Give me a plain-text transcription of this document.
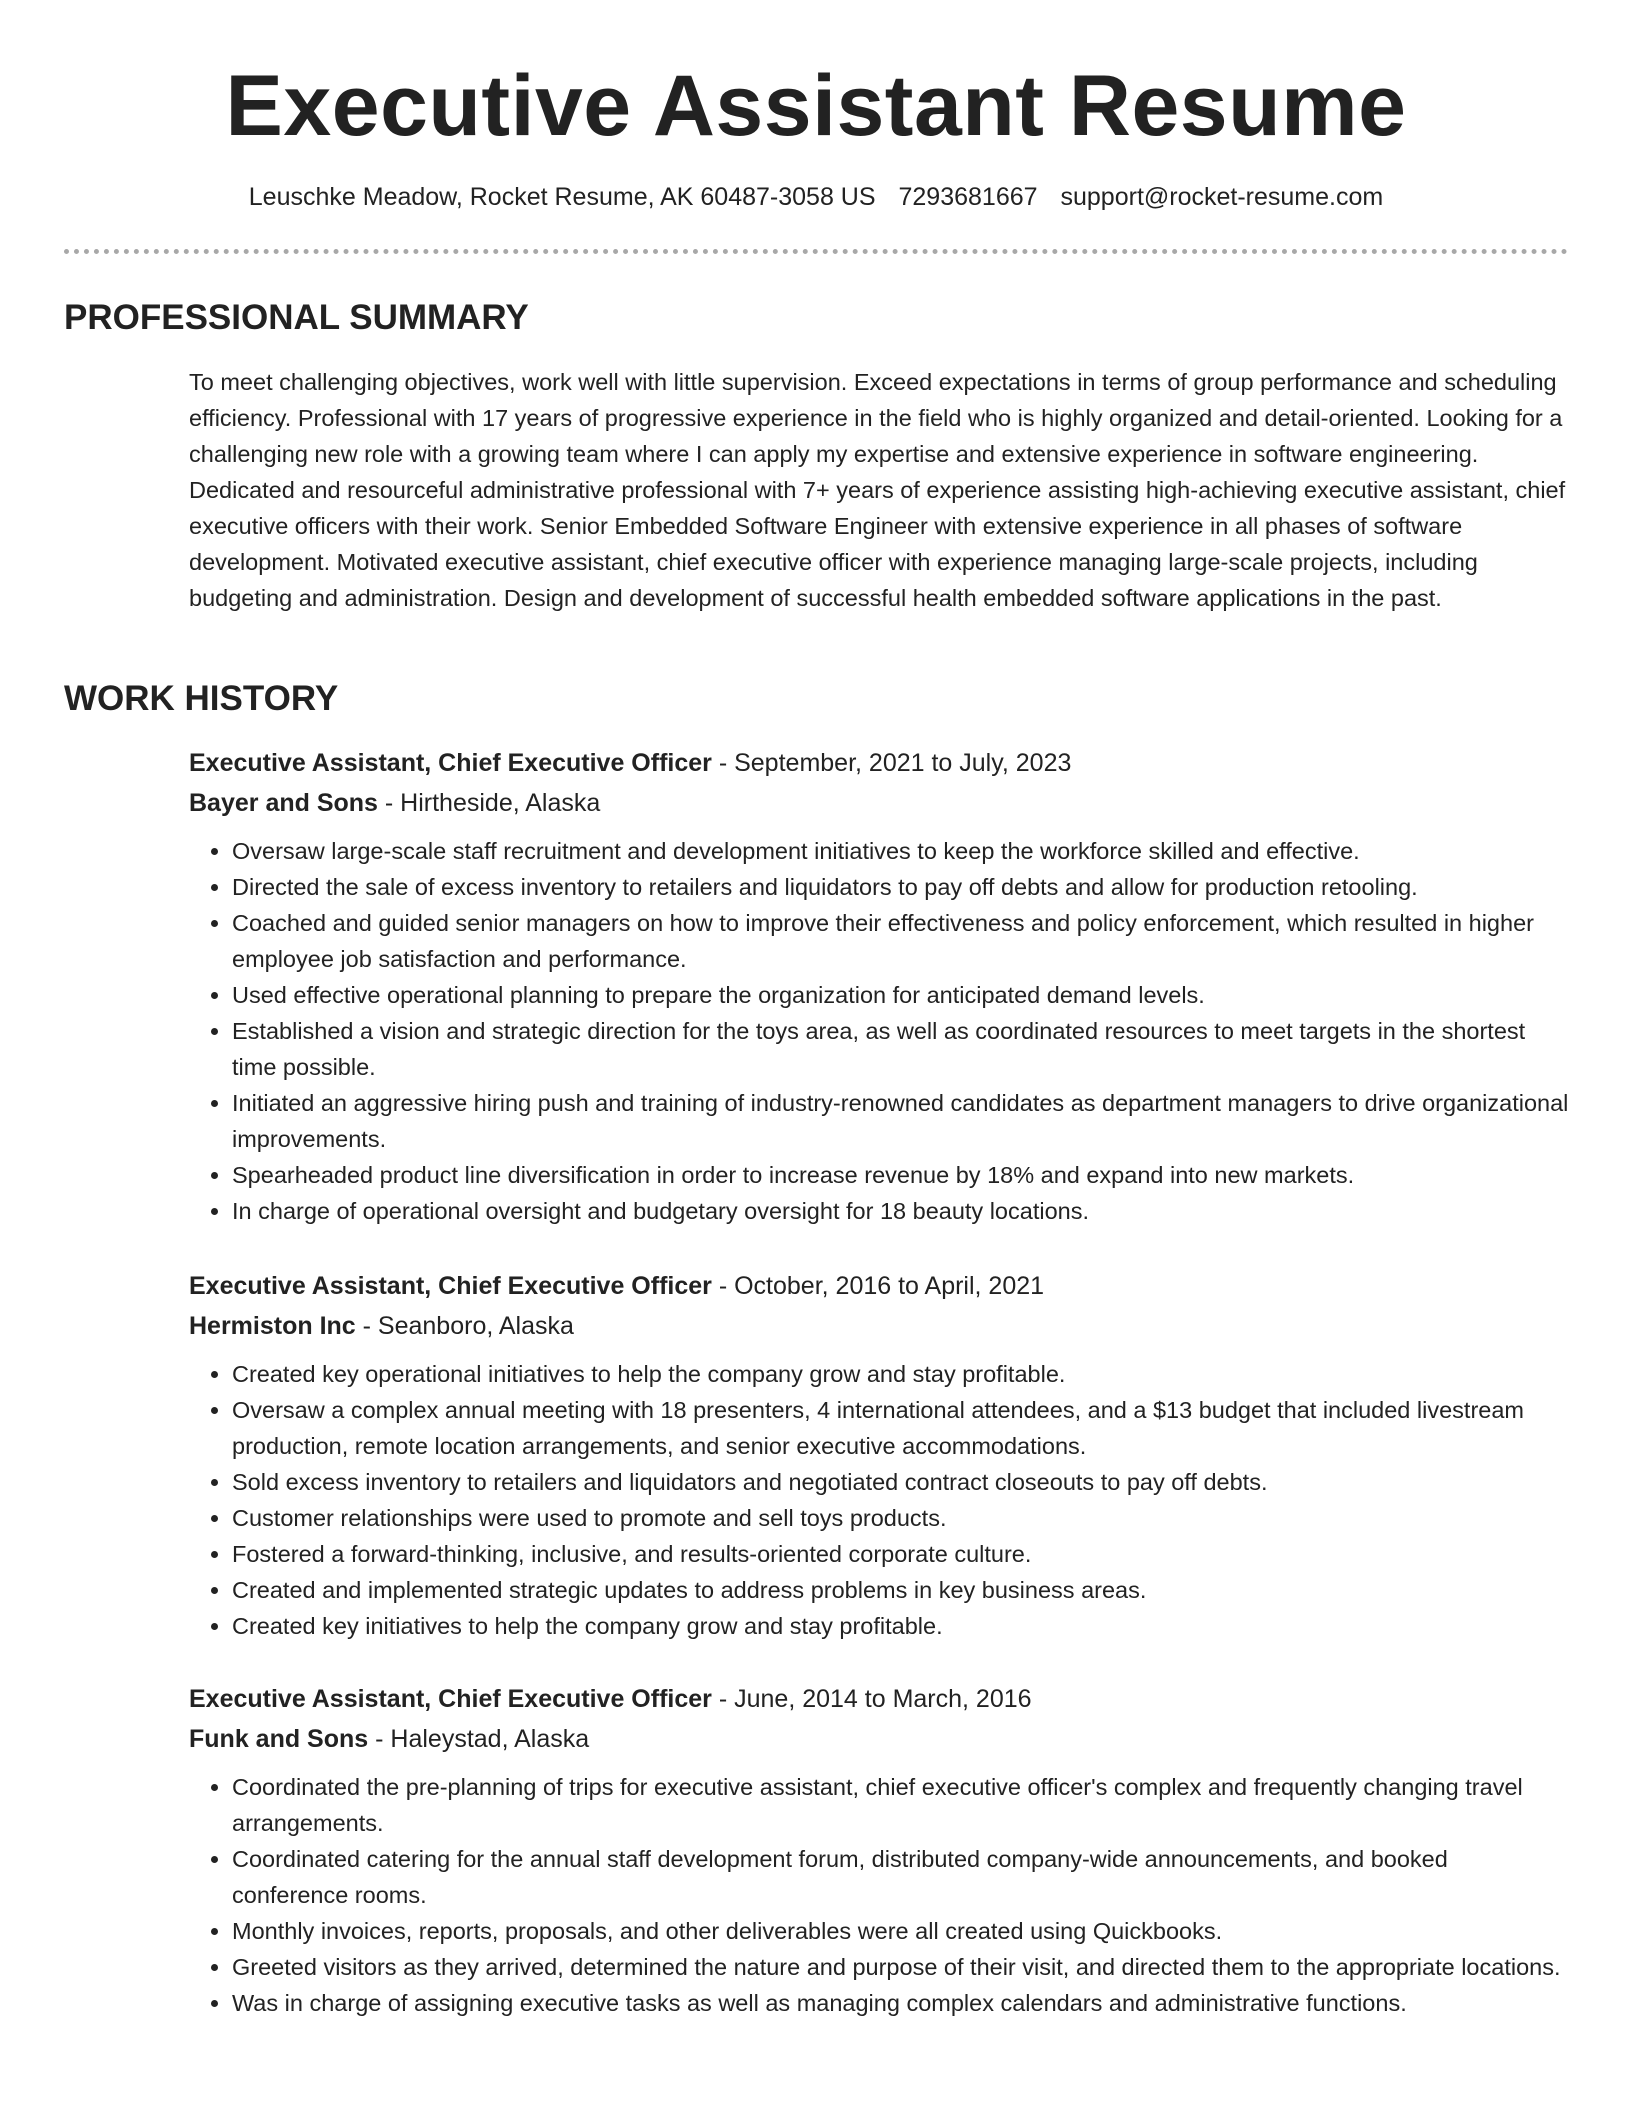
Executive Assistant Resume
Leuschke Meadow, Rocket Resume, AK 60487-3058 US 7293681667 support@rocket-resume.com
PROFESSIONAL SUMMARY

To meet challenging objectives, work well with little supervision. Exceed expectations in terms of group performance and scheduling efficiency. Professional with 17 years of progressive experience in the field who is highly organized and detail-oriented. Looking for a challenging new role with a growing team where I can apply my expertise and extensive experience in software engineering. Dedicated and resourceful administrative professional with 7+ years of experience assisting high-achieving executive assistant, chief executive officers with their work. Senior Embedded Software Engineer with extensive experience in all phases of software development. Motivated executive assistant, chief executive officer with experience managing large-scale projects, including budgeting and administration. Design and development of successful health embedded software applications in the past.

WORK HISTORY

Executive Assistant, Chief Executive Officer - September, 2021 to July, 2023

Bayer and Sons - Hirtheside, Alaska

• Oversaw large-scale staff recruitment and development initiatives to keep the workforce skilled and effective.
• Directed the sale of excess inventory to retailers and liquidators to pay off debts and allow for production retooling.
• Coached and guided senior managers on how to improve their effectiveness and policy enforcement, which resulted in higher employee job satisfaction and performance.
• Used effective operational planning to prepare the organization for anticipated demand levels.
• Established a vision and strategic direction for the toys area, as well as coordinated resources to meet targets in the shortest time possible.
• Initiated an aggressive hiring push and training of industry-renowned candidates as department managers to drive organizational improvements.
• Spearheaded product line diversification in order to increase revenue by 18% and expand into new markets.
• In charge of operational oversight and budgetary oversight for 18 beauty locations.

Executive Assistant, Chief Executive Officer - October, 2016 to April, 2021

Hermiston Inc - Seanboro, Alaska

• Created key operational initiatives to help the company grow and stay profitable.
• Oversaw a complex annual meeting with 18 presenters, 4 international attendees, and a $13 budget that included livestream production, remote location arrangements, and senior executive accommodations.
• Sold excess inventory to retailers and liquidators and negotiated contract closeouts to pay off debts.
• Customer relationships were used to promote and sell toys products.
• Fostered a forward-thinking, inclusive, and results-oriented corporate culture.
• Created and implemented strategic updates to address problems in key business areas.
• Created key initiatives to help the company grow and stay profitable.

Executive Assistant, Chief Executive Officer - June, 2014 to March, 2016

Funk and Sons - Haleystad, Alaska

• Coordinated the pre-planning of trips for executive assistant, chief executive officer's complex and frequently changing travel arrangements.
• Coordinated catering for the annual staff development forum, distributed company-wide announcements, and booked conference rooms.
• Monthly invoices, reports, proposals, and other deliverables were all created using Quickbooks.
• Greeted visitors as they arrived, determined the nature and purpose of their visit, and directed them to the appropriate locations.
• Was in charge of assigning executive tasks as well as managing complex calendars and administrative functions.
